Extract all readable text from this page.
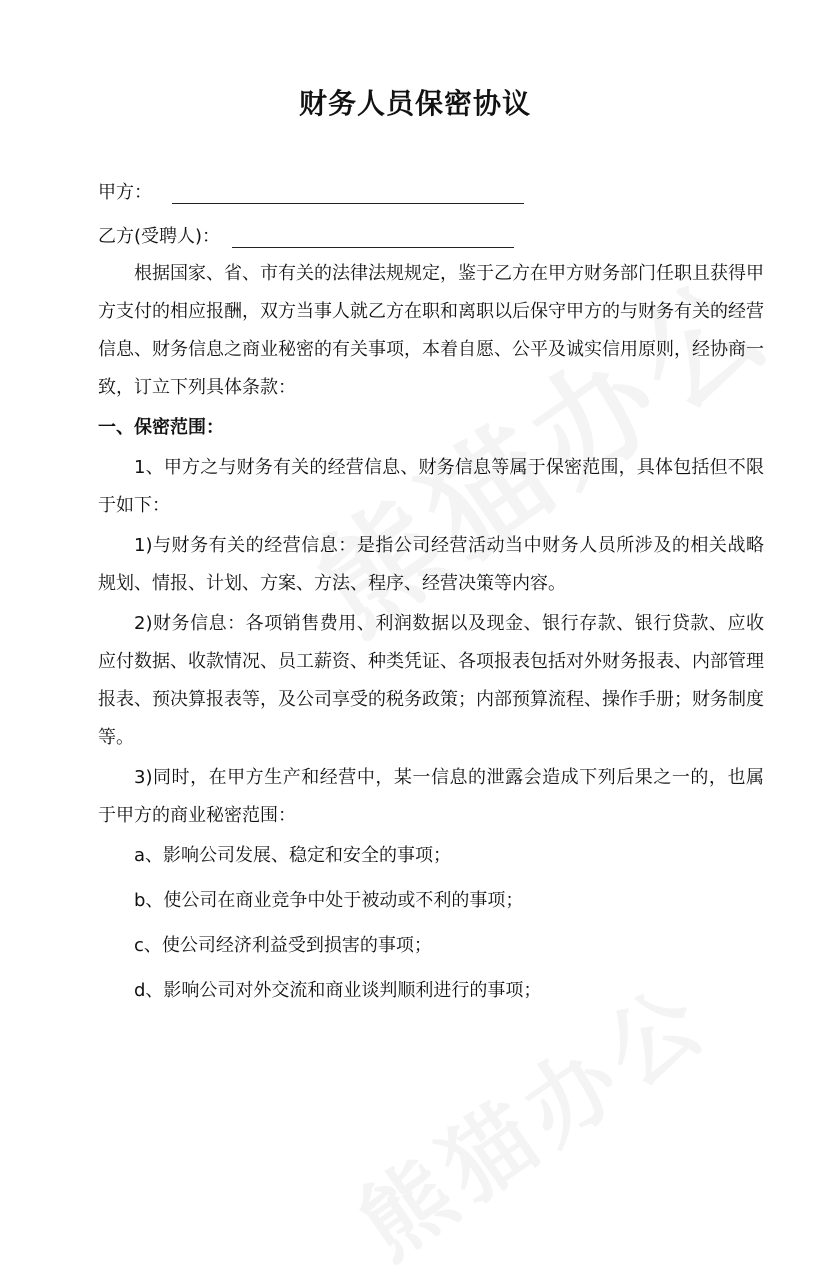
财务人员保密协议
甲方：
乙方(受聘人)：

根据国家、省、市有关的法律法规规定，鉴于乙方在甲方财务部门任职且获得甲方支付的相应报酬，双方当事人就乙方在职和离职以后保守甲方的与财务有关的经营信息、财务信息之商业秘密的有关事项，本着自愿、公平及诚实信用原则，经协商一致，订立下列具体条款：

一、保密范围：

1、甲方之与财务有关的经营信息、财务信息等属于保密范围，具体包括但不限于如下：

1)与财务有关的经营信息：是指公司经营活动当中财务人员所涉及的相关战略规划、情报、计划、方案、方法、程序、经营决策等内容。

2)财务信息：各项销售费用、利润数据以及现金、银行存款、银行贷款、应收应付数据、收款情况、员工薪资、种类凭证、各项报表包括对外财务报表、内部管理报表、预决算报表等，及公司享受的税务政策；内部预算流程、操作手册；财务制度等。

3)同时，在甲方生产和经营中，某一信息的泄露会造成下列后果之一的，也属于甲方的商业秘密范围：

a、影响公司发展、稳定和安全的事项；

b、使公司在商业竞争中处于被动或不利的事项；

c、使公司经济利益受到损害的事项；

d、影响公司对外交流和商业谈判顺利进行的事项；
